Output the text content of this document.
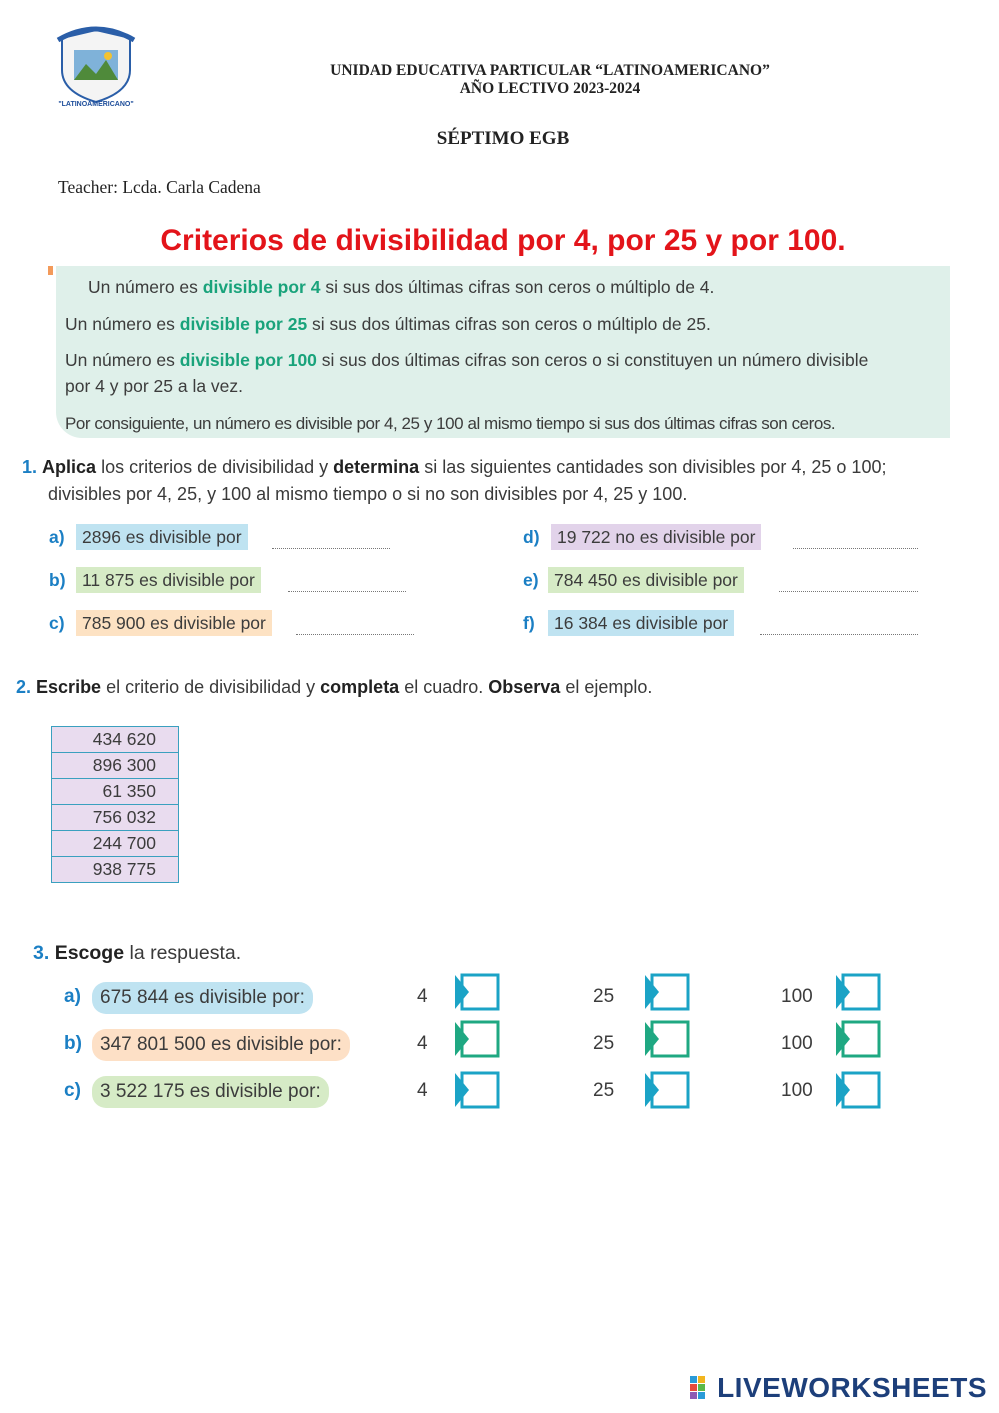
"LATINOAMERICANO"
UNIDAD EDUCATIVA PARTICULAR “LATINOAMERICANO”
AÑO LECTIVO 2023-2024
SÉPTIMO EGB
Teacher: Lcda. Carla Cadena
Criterios de divisibilidad por 4, por 25 y por 100.
Un número es divisible por 4 si sus dos últimas cifras son ceros o múltiplo de 4.
Un número es divisible por 25 si sus dos últimas cifras son ceros o múltiplo de 25.
Un número es divisible por 100 si sus dos últimas cifras son ceros o si constituyen un número divisible
por 4 y por 25 a la vez.
Por consiguiente, un número es divisible por 4, 25 y 100 al mismo tiempo si sus dos últimas cifras son ceros.
1. Aplica los criterios de divisibilidad y determina si las siguientes cantidades son divisibles por 4, 25 o 100;
divisibles por 4, 25, y 100 al mismo tiempo o si no son divisibles por 4, 25 y 100.
a) 2896 es divisible por
b) 11 875 es divisible por
c) 785 900 es divisible por
d) 19 722 no es divisible por
e) 784 450 es divisible por
f)	16 384 es divisible por
2. Escribe el criterio de divisibilidad y completa el cuadro. Observa el ejemplo.
434 620
896 300
61 350
756 032
244 700
938 775
3. Escoge la respuesta.
a)	675 844 es divisible por:	4	25	100
b) 347 801 500 es divisible por:	4	25	100
c)	3 522 175 es divisible por:	4	25	100
LIVEWORKSHEETS
